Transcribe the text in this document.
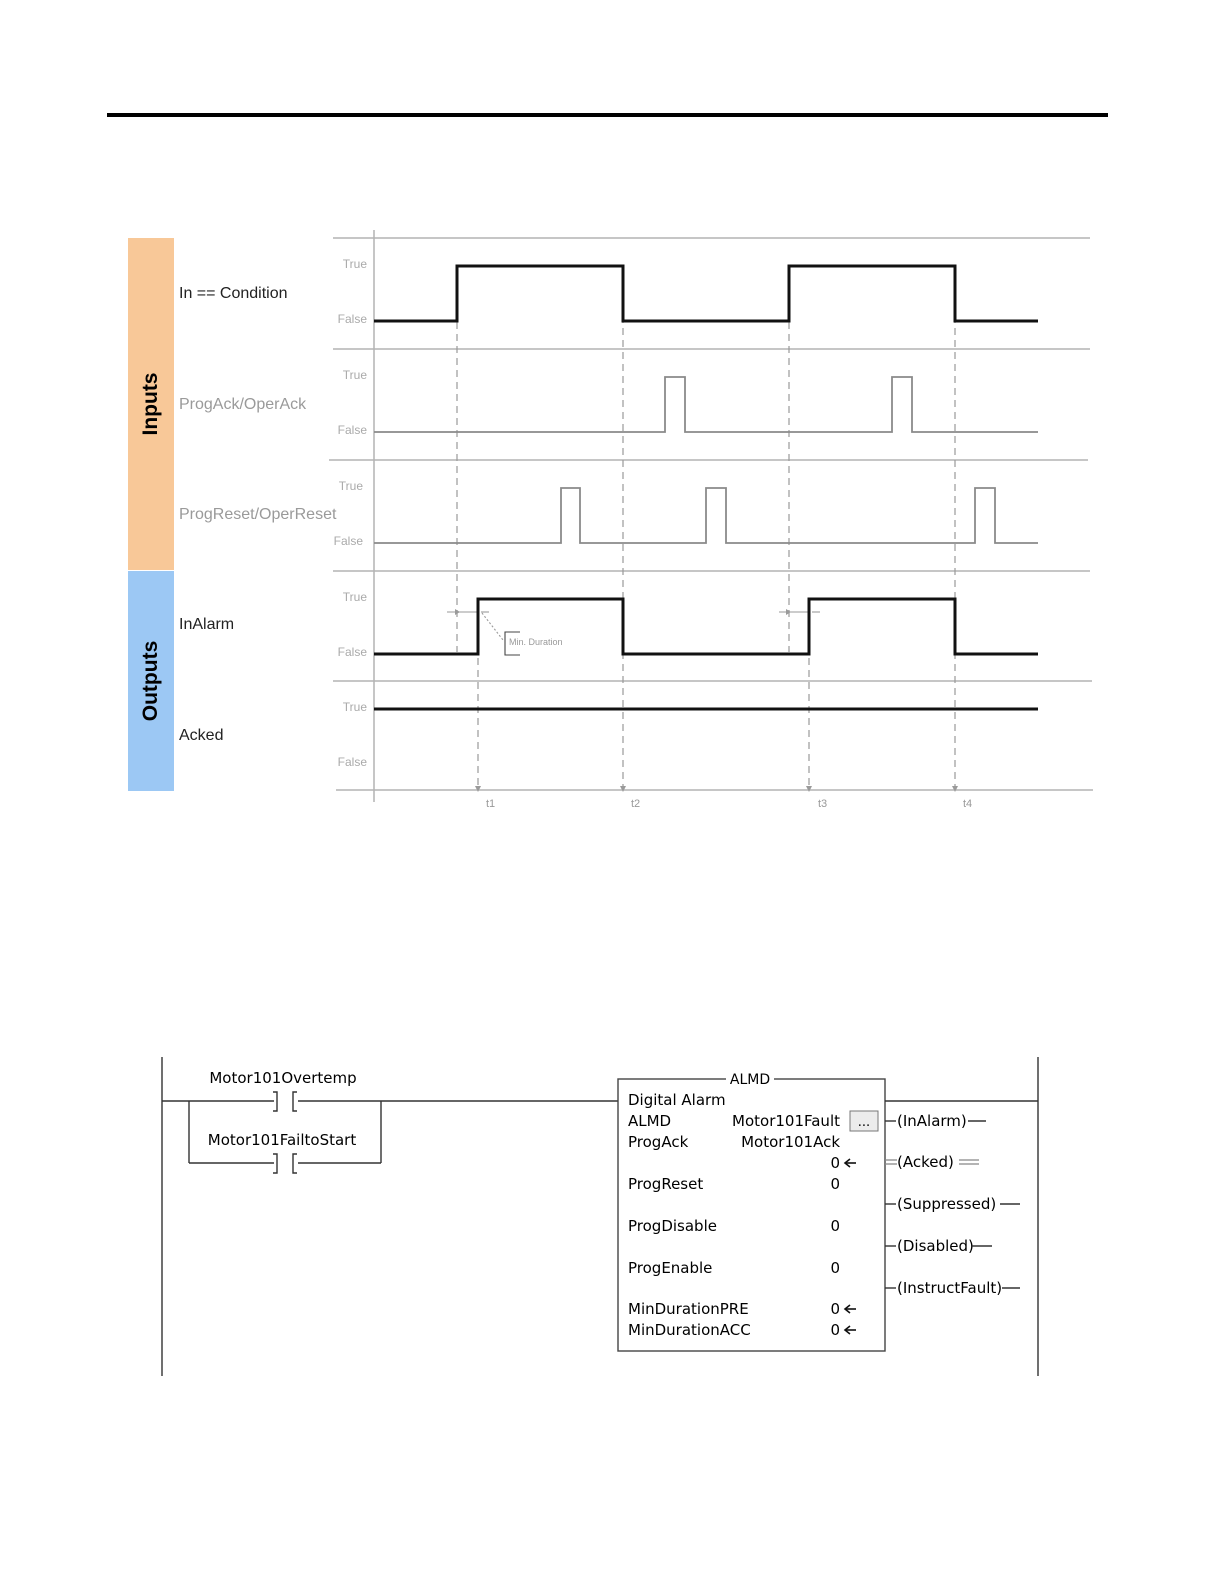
Inputs
Outputs	Min. Duration
In == Condition
True
False
ProgAck/OperAck
True
False
ProgReset/OperReset
True
False
InAlarm
True
False
Acked
True
False
t1	t2	t3	t4
Motor101Overtemp
Motor101FailtoStart
ALMD
Digital Alarm
...
ALMD	Motor101Fault
ProgAck	Motor101Ack
0
ProgReset	0
ProgDisable	0
ProgEnable	0
MinDurationPRE	0
MinDurationACC	0
(InAlarm)
(Acked)
(Suppressed)
(Disabled)
(InstructFault)
